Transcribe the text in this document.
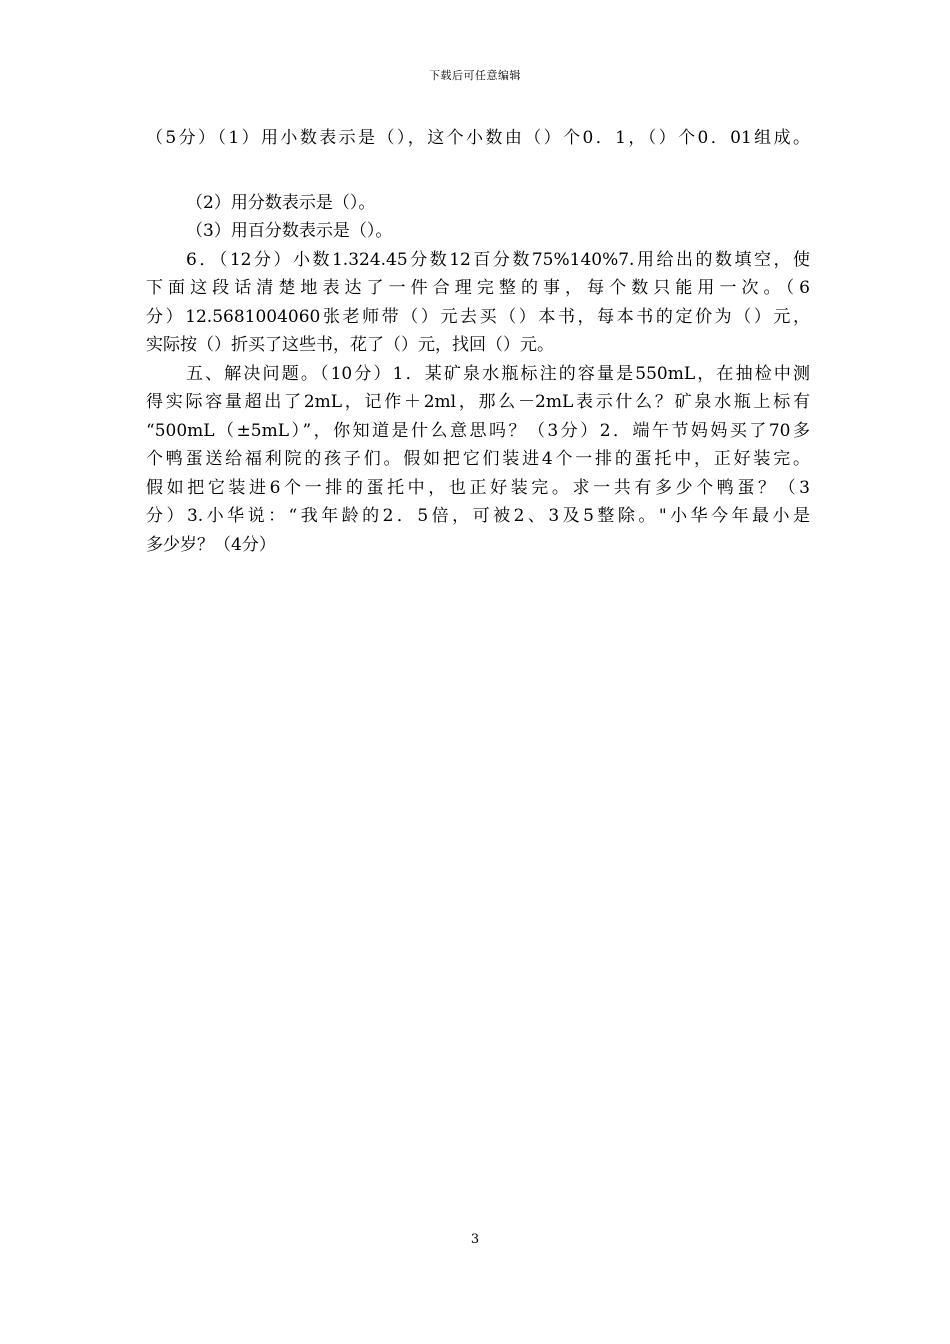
下载后可任意编辑
（5分）（1）用小数表示是（），这个小数由（）个0．1，（）个0．01组成。
（2）用分数表示是（）。
（3）用百分数表示是（）。
6．（12分）小数1.324.45分数12百分数75%140%7.用给出的数填空，使
下面这段话清楚地表达了一件合理完整的事，每个数只能用一次。（6
分）12.5681004060张老师带（）元去买（）本书，每本书的定价为（）元，
实际按（）折买了这些书，花了（）元，找回（）元。
五、解决问题。（10分）1．某矿泉水瓶标注的容量是550mL，在抽检中测
得实际容量超出了2mL，记作＋2ml，那么－2mL表示什么？矿泉水瓶上标有
“500mL（±5mL）”，你知道是什么意思吗？（3分）2．端午节妈妈买了70多
个鸭蛋送给福利院的孩子们。假如把它们装进4个一排的蛋托中，正好装完。
假如把它装进6个一排的蛋托中，也正好装完。求一共有多少个鸭蛋？（3
分）3.小华说：“我年龄的2．5倍，可被2、3及5整除。"小华今年最小是
多少岁？（4分）
3
